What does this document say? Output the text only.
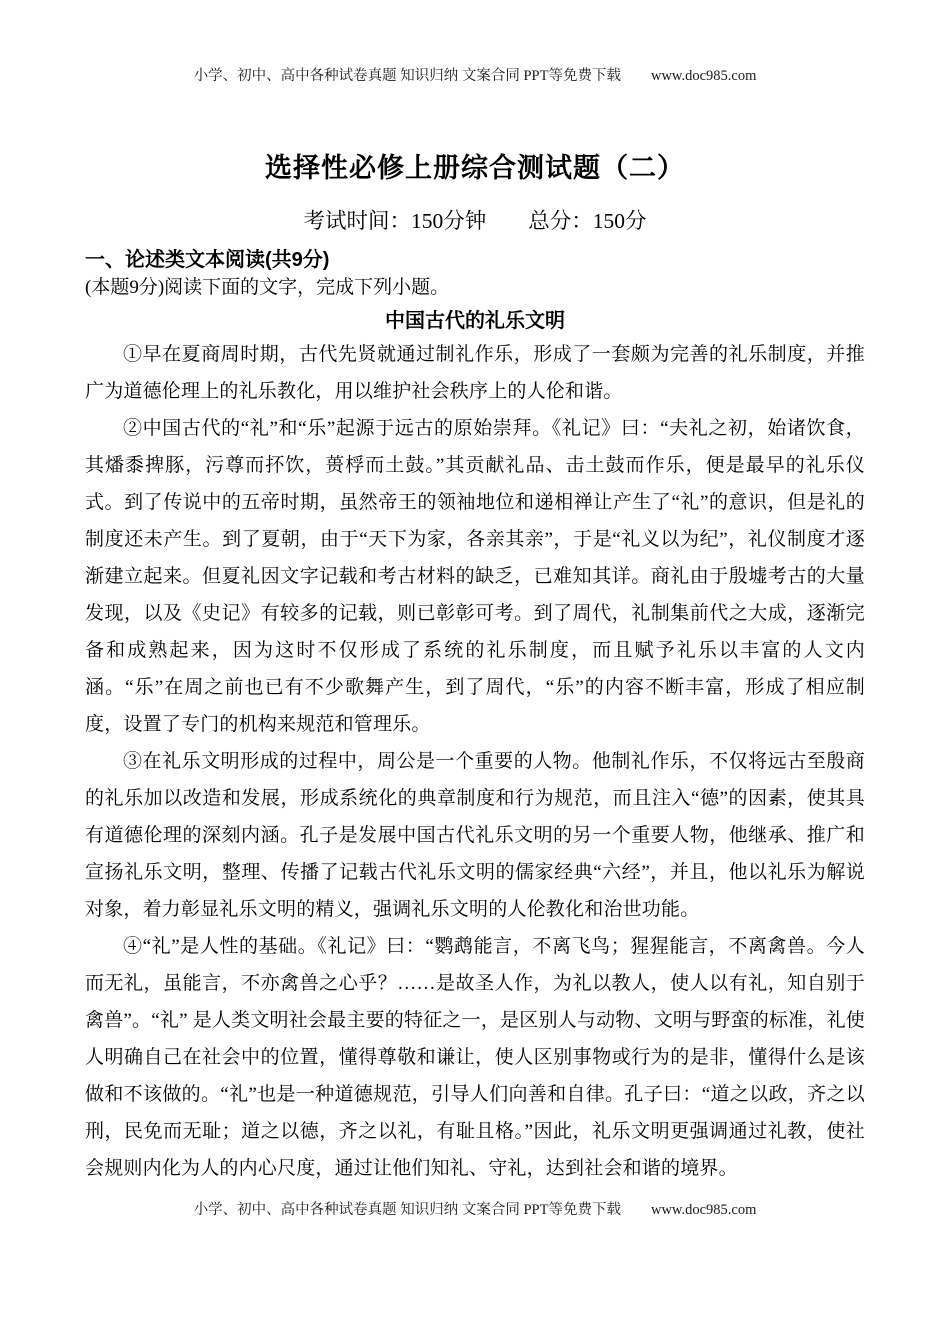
小学、初中、高中各种试卷真题 知识归纳 文案合同 PPT等免费下载 www.doc985.com
选择性必修上册综合测试题（二）
考试时间：150分钟 总分：150分
一、论述类文本阅读(共9分)
(本题9分)阅读下面的文字，完成下列小题。
中国古代的礼乐文明

①早在夏商周时期，古代先贤就通过制礼作乐，形成了一套颇为完善的礼乐制度，并推广为道德伦理上的礼乐教化，用以维护社会秩序上的人伦和谐。

②中国古代的“礼”和“乐”起源于远古的原始崇拜。《礼记》曰：“夫礼之初，始诸饮食，其燔黍捭豚，污尊而抔饮，蒉桴而土鼓。”其贡献礼品、击土鼓而作乐，便是最早的礼乐仪式。到了传说中的五帝时期，虽然帝王的领袖地位和递相禅让产生了“礼”的意识，但是礼的制度还未产生。到了夏朝，由于“天下为家，各亲其亲”，于是“礼义以为纪”，礼仪制度才逐渐建立起来。但夏礼因文字记载和考古材料的缺乏，已难知其详。商礼由于殷墟考古的大量发现，以及《史记》有较多的记载，则已彰彰可考。到了周代，礼制集前代之大成，逐渐完备和成熟起来，因为这时不仅形成了系统的礼乐制度，而且赋予礼乐以丰富的人文内涵。“乐”在周之前也已有不少歌舞产生，到了周代，“乐”的内容不断丰富，形成了相应制度，设置了专门的机构来规范和管理乐。

③在礼乐文明形成的过程中，周公是一个重要的人物。他制礼作乐，不仅将远古至殷商的礼乐加以改造和发展，形成系统化的典章制度和行为规范，而且注入“德”的因素，使其具有道德伦理的深刻内涵。孔子是发展中国古代礼乐文明的另一个重要人物，他继承、推广和宣扬礼乐文明，整理、传播了记载古代礼乐文明的儒家经典“六经”，并且，他以礼乐为解说对象，着力彰显礼乐文明的精义，强调礼乐文明的人伦教化和治世功能。

④“礼”是人性的基础。《礼记》曰：“鹦鹉能言，不离飞鸟；猩猩能言，不离禽兽。今人而无礼，虽能言，不亦禽兽之心乎？……是故圣人作，为礼以教人，使人以有礼，知自别于禽兽”。“礼” 是人类文明社会最主要的特征之一，是区别人与动物、文明与野蛮的标准，礼使人明确自己在社会中的位置，懂得尊敬和谦让，使人区别事物或行为的是非，懂得什么是该做和不该做的。“礼”也是一种道德规范，引导人们向善和自律。孔子曰：“道之以政，齐之以刑，民免而无耻；道之以德，齐之以礼，有耻且格。”因此，礼乐文明更强调通过礼教，使社会规则内化为人的内心尺度，通过让他们知礼、守礼，达到社会和谐的境界。

小学、初中、高中各种试卷真题 知识归纳 文案合同 PPT等免费下载 www.doc985.com
